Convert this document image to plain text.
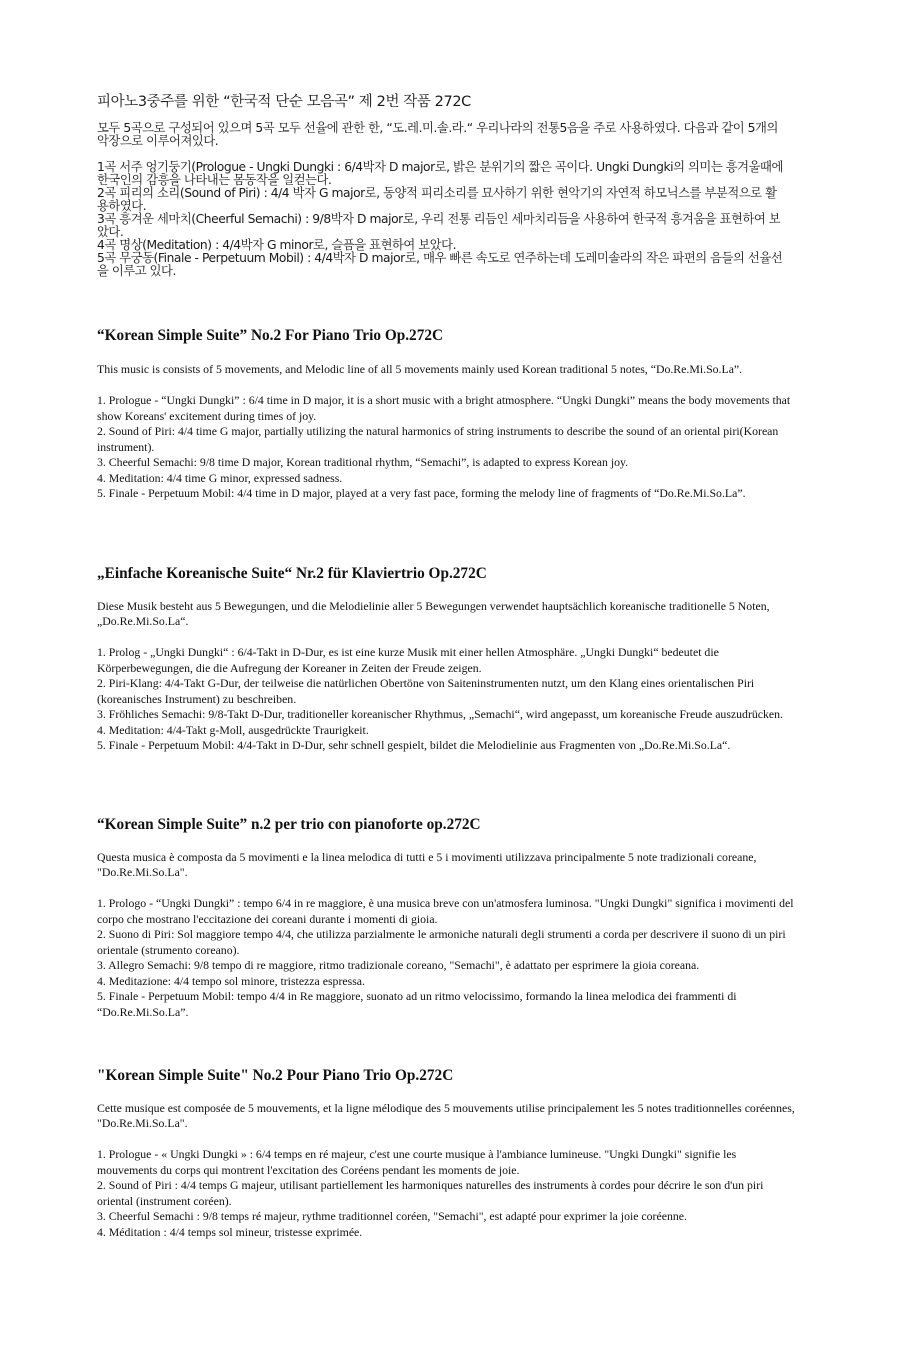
피아노3중주를 위한 “한국적 단순 모음곡” 제 2번 작품 272C

모두 5곡으로 구성되어 있으며 5곡 모두 선율에 관한 한, “도.레.미.솔.라.“ 우리나라의 전통5음을 주로 사용하였다. 다음과 같이 5개의 악장으로 이루어져있다.

1곡 서주 엉기둥기(Prologue - Ungki Dungki : 6/4박자 D major로, 밝은 분위기의 짧은 곡이다. Ungki Dungki의 의미는 흥겨울때에 한국인의 감흥을 나타내는 몸동작을 일컫는다.
2곡 피리의 소리(Sound of Piri) : 4/4 박자 G major로, 동양적 피리소리를 묘사하기 위한 현악기의 자연적 하모닉스를 부분적으로 활용하였다.
3곡 흥겨운 세마치(Cheerful Semachi) : 9/8박자 D major로, 우리 전통 리듬인 세마치리듬을 사용하여 한국적 흥겨움을 표현하여 보았다.
4곡 명상(Meditation) : 4/4박자 G minor로, 슬픔을 표현하여 보았다.
5곡 무궁동(Finale - Perpetuum Mobil) : 4/4박자 D major로, 매우 빠른 속도로 연주하는데 도레미솔라의 작은 파편의 음들의 선율선을 이루고 있다.
“Korean Simple Suite” No.2 For Piano Trio Op.272C

This music is consists of 5 movements, and Melodic line of all 5 movements mainly used Korean traditional 5 notes, “Do.Re.Mi.So.La”.

1. Prologue - “Ungki Dungki” : 6/4 time in D major, it is a short music with a bright atmosphere. “Ungki Dungki” means the body movements that show Koreans' excitement during times of joy.
2. Sound of Piri: 4/4 time G major, partially utilizing the natural harmonics of string instruments to describe the sound of an oriental piri(Korean instrument).
3. Cheerful Semachi: 9/8 time D major, Korean traditional rhythm, “Semachi”, is adapted to express Korean joy.
4. Meditation: 4/4 time G minor, expressed sadness.
5. Finale - Perpetuum Mobil: 4/4 time in D major, played at a very fast pace, forming the melody line of fragments of “Do.Re.Mi.So.La”.
„Einfache Koreanische Suite“ Nr.2 für Klaviertrio Op.272C

Diese Musik besteht aus 5 Bewegungen, und die Melodielinie aller 5 Bewegungen verwendet hauptsächlich koreanische traditionelle 5 Noten, „Do.Re.Mi.So.La“.

1. Prolog - „Ungki Dungki“ : 6/4-Takt in D-Dur, es ist eine kurze Musik mit einer hellen Atmosphäre. „Ungki Dungki“ bedeutet die Körperbewegungen, die die Aufregung der Koreaner in Zeiten der Freude zeigen.
2. Piri-Klang: 4/4-Takt G-Dur, der teilweise die natürlichen Obertöne von Saiteninstrumenten nutzt, um den Klang eines orientalischen Piri (koreanisches Instrument) zu beschreiben.
3. Fröhliches Semachi: 9/8-Takt D-Dur, traditioneller koreanischer Rhythmus, „Semachi“, wird angepasst, um koreanische Freude auszudrücken.
4. Meditation: 4/4-Takt g-Moll, ausgedrückte Traurigkeit.
5. Finale - Perpetuum Mobil: 4/4-Takt in D-Dur, sehr schnell gespielt, bildet die Melodielinie aus Fragmenten von „Do.Re.Mi.So.La“.
“Korean Simple Suite” n.2 per trio con pianoforte op.272C

Questa musica è composta da 5 movimenti e la linea melodica di tutti e 5 i movimenti utilizzava principalmente 5 note tradizionali coreane, "Do.Re.Mi.So.La".

1. Prologo - “Ungki Dungki” : tempo 6/4 in re maggiore, è una musica breve con un'atmosfera luminosa. "Ungki Dungki" significa i movimenti del corpo che mostrano l'eccitazione dei coreani durante i momenti di gioia.
2. Suono di Piri: Sol maggiore tempo 4/4, che utilizza parzialmente le armoniche naturali degli strumenti a corda per descrivere il suono di un piri orientale (strumento coreano).
3. Allegro Semachi: 9/8 tempo di re maggiore, ritmo tradizionale coreano, "Semachi", è adattato per esprimere la gioia coreana.
4. Meditazione: 4/4 tempo sol minore, tristezza espressa.
5. Finale - Perpetuum Mobil: tempo 4/4 in Re maggiore, suonato ad un ritmo velocissimo, formando la linea melodica dei frammenti di “Do.Re.Mi.So.La”.
"Korean Simple Suite" No.2 Pour Piano Trio Op.272C

Cette musique est composée de 5 mouvements, et la ligne mélodique des 5 mouvements utilise principalement les 5 notes traditionnelles coréennes, "Do.Re.Mi.So.La".

1. Prologue - « Ungki Dungki » : 6/4 temps en ré majeur, c'est une courte musique à l'ambiance lumineuse. "Ungki Dungki" signifie les mouvements du corps qui montrent l'excitation des Coréens pendant les moments de joie.
2. Sound of Piri : 4/4 temps G majeur, utilisant partiellement les harmoniques naturelles des instruments à cordes pour décrire le son d'un piri oriental (instrument coréen).
3. Cheerful Semachi : 9/8 temps ré majeur, rythme traditionnel coréen, "Semachi", est adapté pour exprimer la joie coréenne.
4. Méditation : 4/4 temps sol mineur, tristesse exprimée.
